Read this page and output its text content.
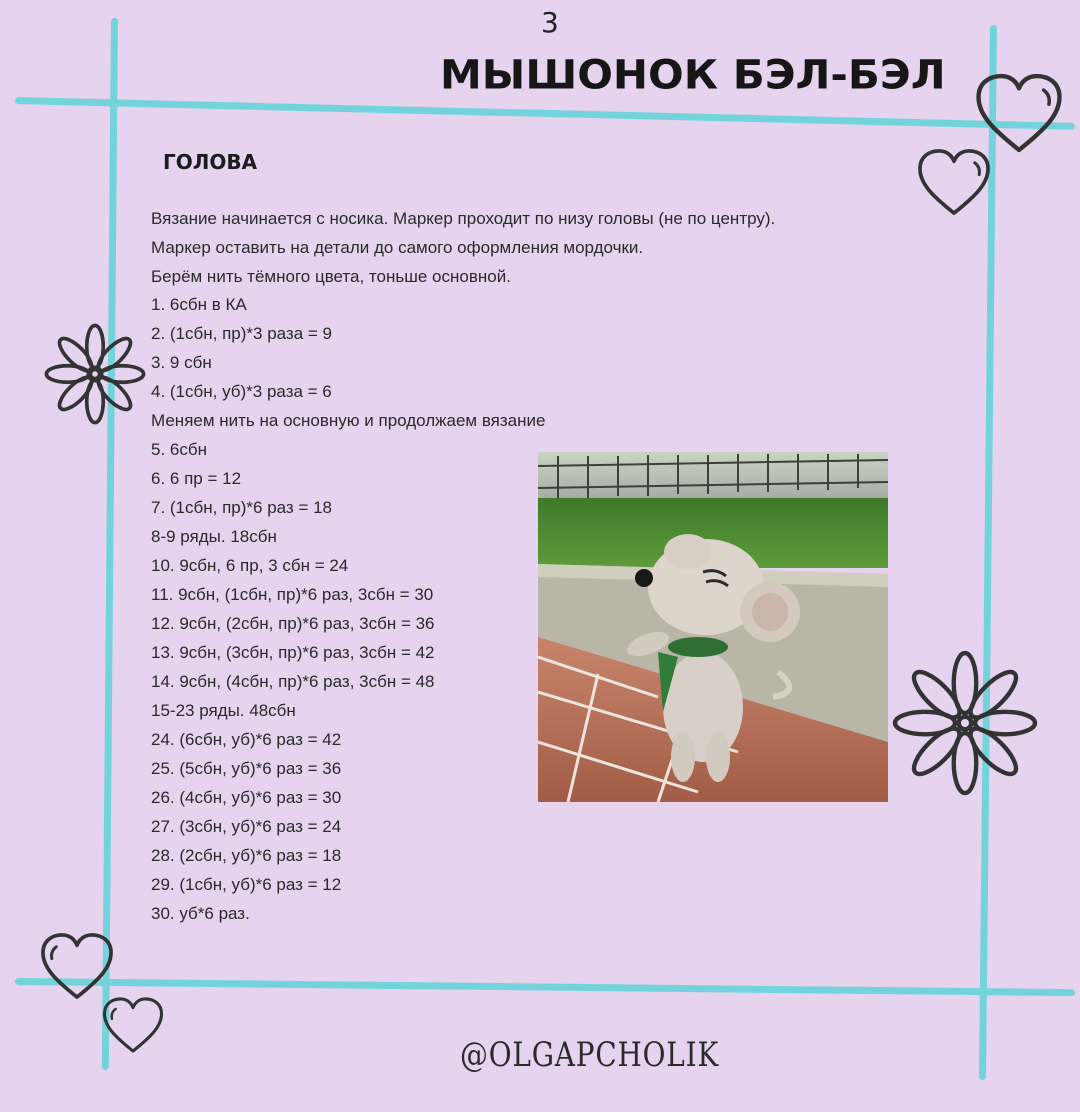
3
МЫШОНОК БЭЛ-БЭЛ
ГОЛОВА
Вязание начинается с носика. Маркер проходит по низу головы (не по центру).
Маркер оставить на детали до самого оформления мордочки.
Берём нить тёмного цвета, тоньше основной.
1. 6сбн в КА
2. (1сбн, пр)*3 раза = 9
3. 9 сбн
4. (1сбн, уб)*3 раза = 6
Меняем нить на основную и продолжаем вязание
5. 6сбн
6. 6 пр = 12
7. (1сбн, пр)*6 раз = 18
8-9 ряды. 18сбн
10. 9сбн, 6 пр, 3 сбн = 24
11. 9сбн, (1сбн, пр)*6 раз, 3сбн = 30
12. 9сбн, (2сбн, пр)*6 раз, 3сбн = 36
13. 9сбн, (3сбн, пр)*6 раз, 3сбн = 42
14. 9сбн, (4сбн, пр)*6 раз, 3сбн = 48
15-23 ряды. 48сбн
24. (6сбн, уб)*6 раз = 42
25. (5сбн, уб)*6 раз = 36
26. (4сбн, уб)*6 раз = 30
27. (3сбн, уб)*6 раз = 24
28. (2сбн, уб)*6 раз = 18
29. (1сбн, уб)*6 раз = 12
30. уб*6 раз.
@OLGAPCHOLIK
